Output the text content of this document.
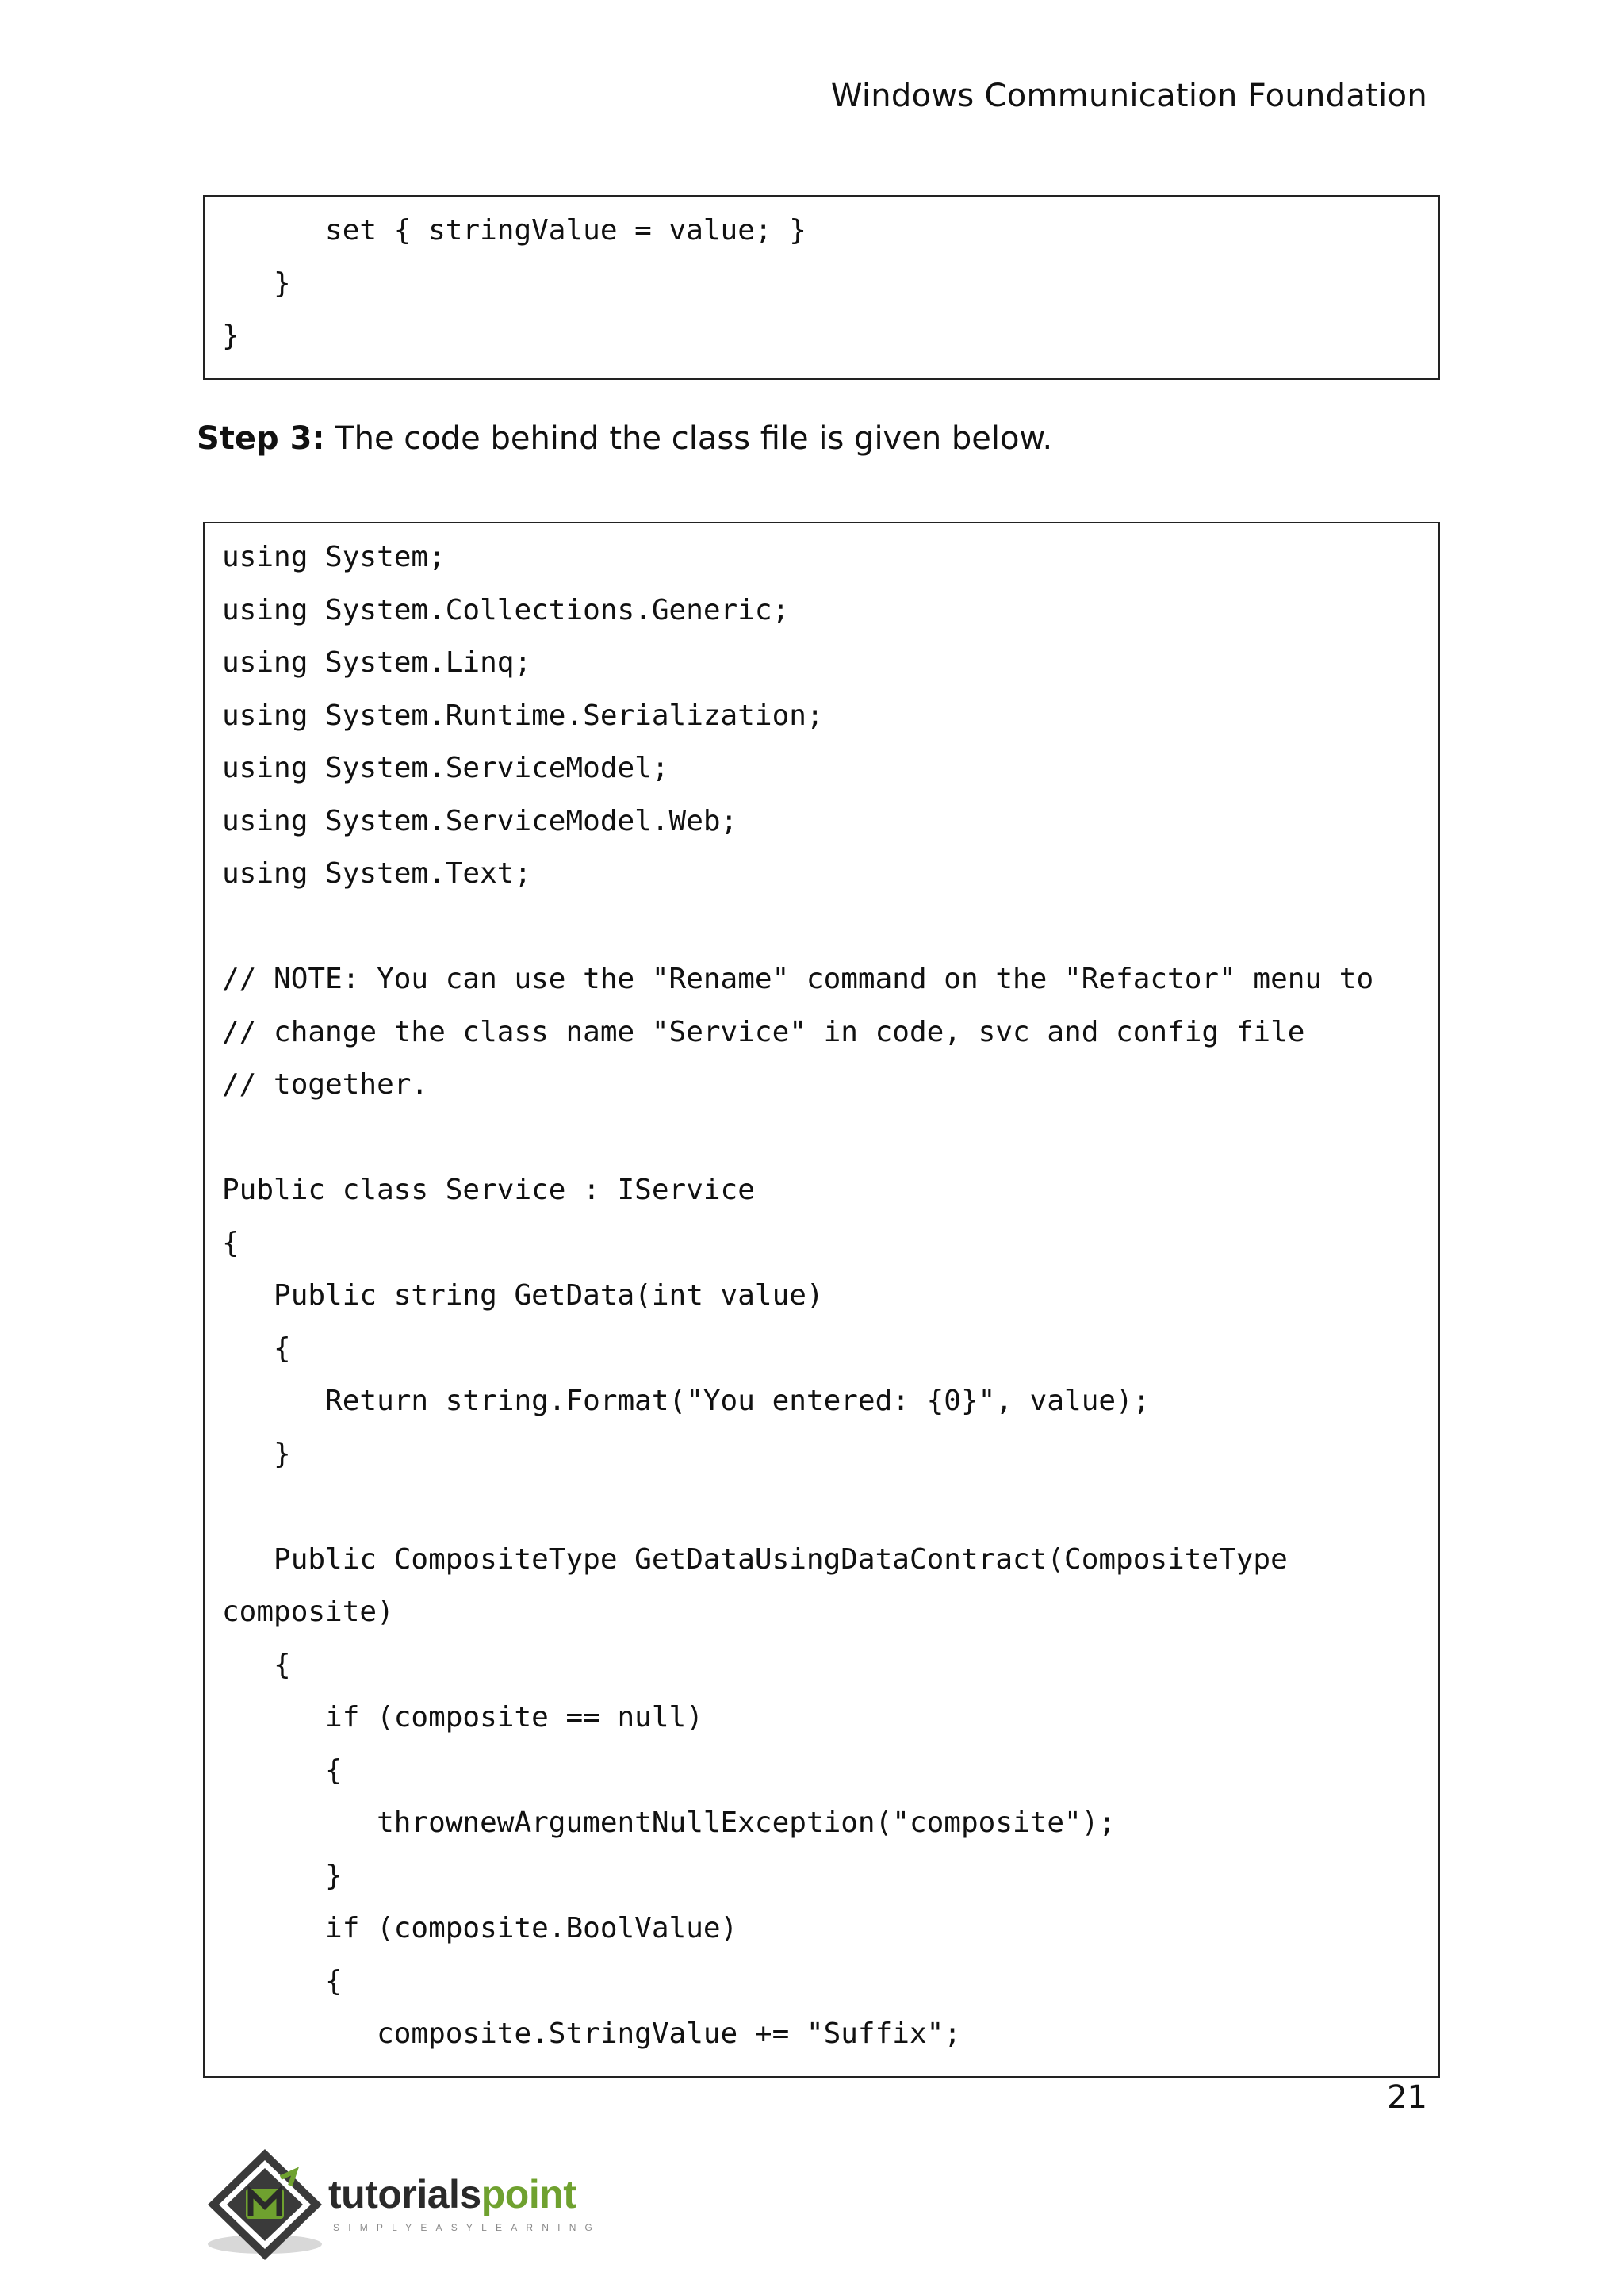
Windows Communication Foundation
set { stringValue = value; }
}
}
Step 3: The code behind the class file is given below.
using System;
using System.Collections.Generic;
using System.Linq;
using System.Runtime.Serialization;
using System.ServiceModel;
using System.ServiceModel.Web;
using System.Text;
// NOTE: You can use the "Rename" command on the "Refactor" menu to
// change the class name "Service" in code, svc and config file
// together.
Public class Service : IService
{
Public string GetData(int value)
{
Return string.Format("You entered: {0}", value);
}
Public CompositeType GetDataUsingDataContract(CompositeType
composite)
{
if (composite == null)
{
thrownewArgumentNullException("composite");
}
if (composite.BoolValue)
{
composite.StringValue += "Suffix";
21
tutorialspoint
SIMPLYEASYLEARNING
